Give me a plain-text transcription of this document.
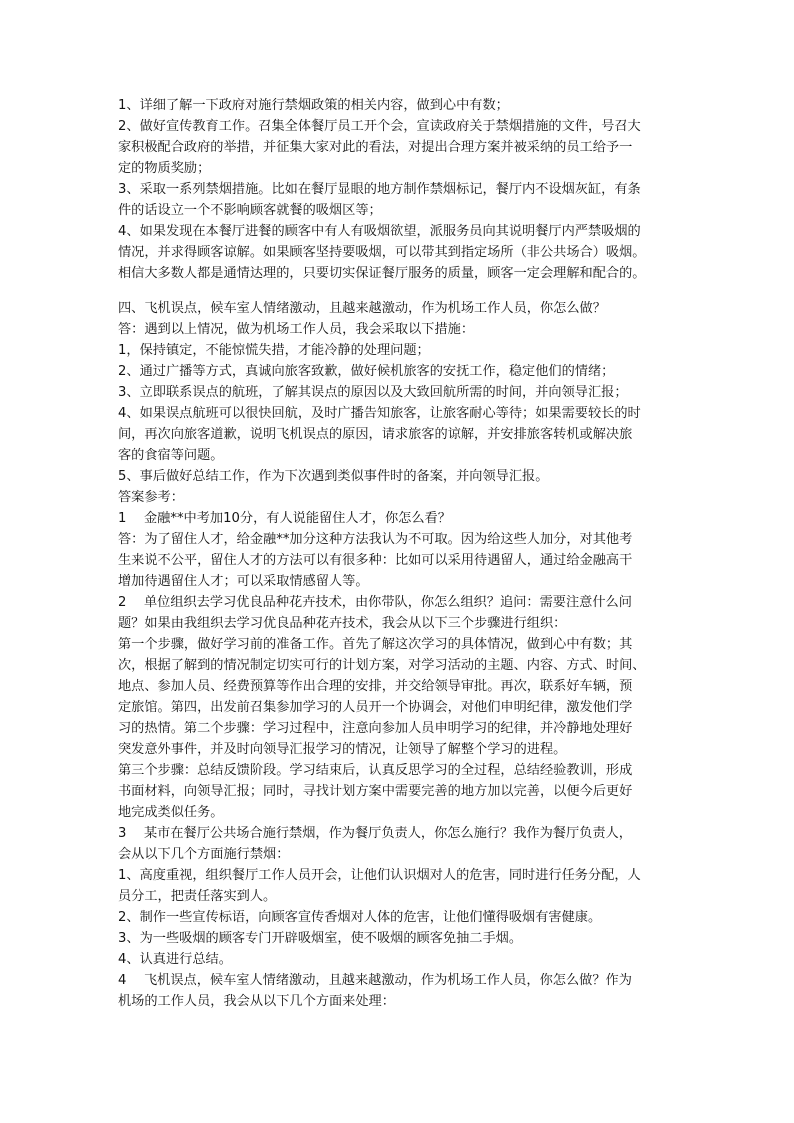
1、详细了解一下政府对施行禁烟政策的相关内容，做到心中有数；
2、做好宣传教育工作。召集全体餐厅员工开个会，宣读政府关于禁烟措施的文件，号召大
家积极配合政府的举措，并征集大家对此的看法，对提出合理方案并被采纳的员工给予一
定的物质奖励；
3、采取一系列禁烟措施。比如在餐厅显眼的地方制作禁烟标记，餐厅内不设烟灰缸，有条
件的话设立一个不影响顾客就餐的吸烟区等；
4、如果发现在本餐厅进餐的顾客中有人有吸烟欲望，派服务员向其说明餐厅内严禁吸烟的
情况，并求得顾客谅解。如果顾客坚持要吸烟，可以带其到指定场所（非公共场合）吸烟。
相信大多数人都是通情达理的，只要切实保证餐厅服务的质量，顾客一定会理解和配合的。
四、飞机误点，候车室人情绪激动，且越来越激动，作为机场工作人员，你怎么做？
答：遇到以上情况，做为机场工作人员，我会采取以下措施：
1，保持镇定，不能惊慌失措，才能冷静的处理问题；
2、通过广播等方式，真诚向旅客致歉，做好候机旅客的安抚工作，稳定他们的情绪；
3、立即联系误点的航班，了解其误点的原因以及大致回航所需的时间，并向领导汇报；
4、如果误点航班可以很快回航，及时广播告知旅客，让旅客耐心等待；如果需要较长的时
间，再次向旅客道歉，说明飞机误点的原因，请求旅客的谅解，并安排旅客转机或解决旅
客的食宿等问题。
5、事后做好总结工作，作为下次遇到类似事件时的备案，并向领导汇报。
答案参考：
1 金融**中考加10分，有人说能留住人才，你怎么看？
答：为了留住人才，给金融**加分这种方法我认为不可取。因为给这些人加分，对其他考
生来说不公平，留住人才的方法可以有很多种：比如可以采用待遇留人，通过给金融高干
增加待遇留住人才；可以采取情感留人等。
2 单位组织去学习优良品种花卉技术，由你带队，你怎么组织？追问：需要注意什么问
题？如果由我组织去学习优良品种花卉技术，我会从以下三个步骤进行组织：
第一个步骤，做好学习前的准备工作。首先了解这次学习的具体情况，做到心中有数；其
次，根据了解到的情况制定切实可行的计划方案，对学习活动的主题、内容、方式、时间、
地点、参加人员、经费预算等作出合理的安排，并交给领导审批。再次，联系好车辆，预
定旅馆。第四，出发前召集参加学习的人员开一个协调会，对他们申明纪律，激发他们学
习的热情。第二个步骤：学习过程中，注意向参加人员申明学习的纪律，并冷静地处理好
突发意外事件，并及时向领导汇报学习的情况，让领导了解整个学习的进程。
第三个步骤：总结反馈阶段。学习结束后，认真反思学习的全过程，总结经验教训，形成
书面材料，向领导汇报；同时，寻找计划方案中需要完善的地方加以完善，以便今后更好
地完成类似任务。
3 某市在餐厅公共场合施行禁烟，作为餐厅负责人，你怎么施行？我作为餐厅负责人，
会从以下几个方面施行禁烟：
1、高度重视，组织餐厅工作人员开会，让他们认识烟对人的危害，同时进行任务分配，人
员分工，把责任落实到人。
2、制作一些宣传标语，向顾客宣传香烟对人体的危害，让他们懂得吸烟有害健康。
3、为一些吸烟的顾客专门开辟吸烟室，使不吸烟的顾客免抽二手烟。
4、认真进行总结。
4 飞机误点，候车室人情绪激动，且越来越激动，作为机场工作人员，你怎么做？作为
机场的工作人员，我会从以下几个方面来处理：
